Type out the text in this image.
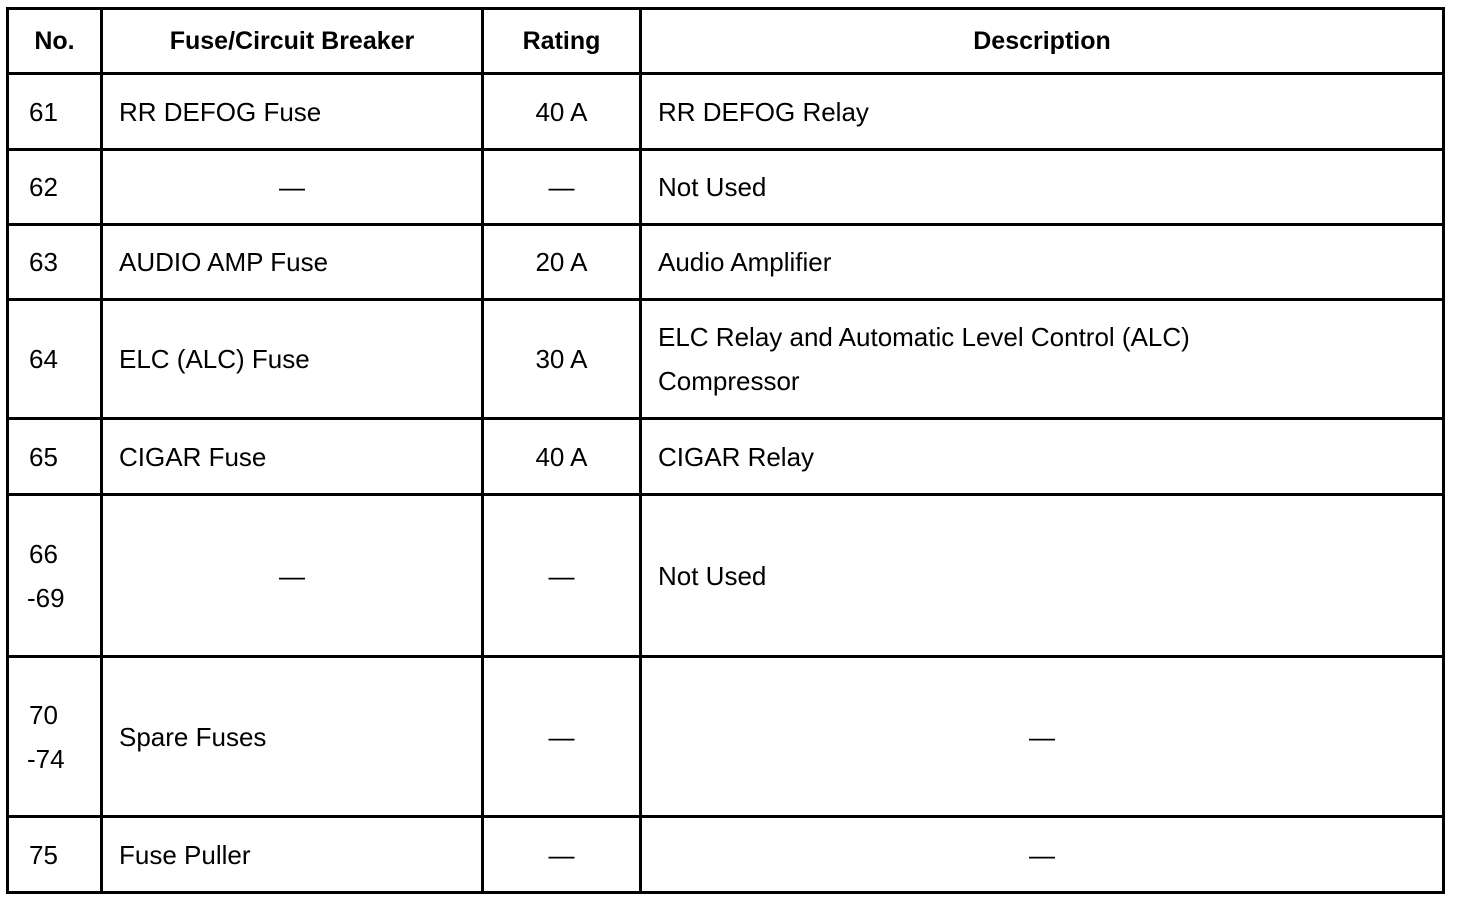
No.	Fuse/Circuit Breaker	Rating	Description

61	RR DEFOG Fuse	40 A	RR DEFOG Relay

62	—	—	Not Used

63	AUDIO AMP Fuse	20 A	Audio Amplifier

64	ELC (ALC) Fuse	30 A	ELC Relay and Automatic Level Control (ALC)
Compressor

65	CIGAR Fuse	40 A	CIGAR Relay

66
-69	—	—	Not Used

70
-74	Spare Fuses	—	—

75	Fuse Puller	—	—
